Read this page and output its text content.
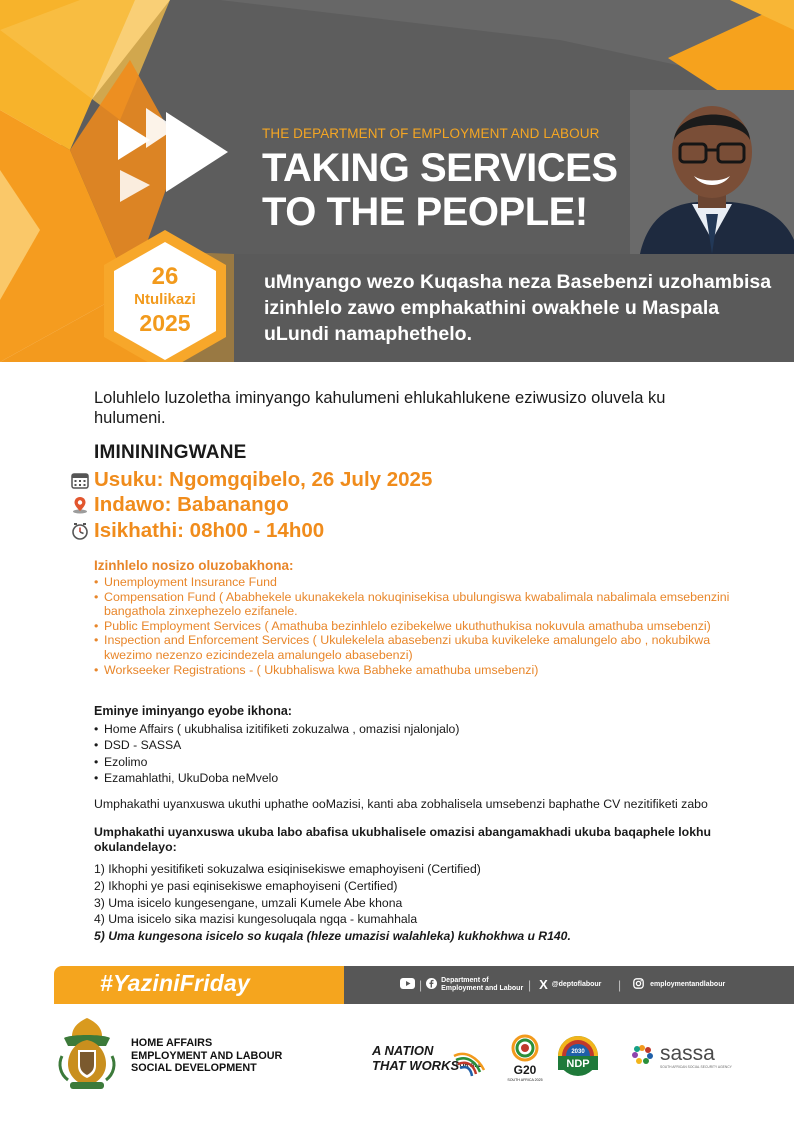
THE DEPARTMENT OF EMPLOYMENT AND LABOUR
TAKING SERVICES
TO THE PEOPLE!
26
Ntulikazi
2025
uMnyango wezo Kuqasha neza Basebenzi uzohambisa izinhlelo zawo emphakathini owakhele u Maspala uLundi namaphethelo.
Loluhlelo luzoletha iminyango kahulumeni ehlukahlukene eziwusizo oluvela ku hulumeni.
IMINININGWANE
Usuku: Ngomgqibelo, 26 July 2025
Indawo: Babanango
Isikhathi: 08h00 - 14h00
Izinhlelo nosizo oluzobakhona:
• Unemployment Insurance Fund
• Compensation Fund ( Ababhekele ukunakekela nokuqinisekisa ubulungiswa kwabalimala nabalimala emsebenzini bangathola zinxephezelo ezifanele.
• Public Employment Services ( Amathuba bezinhlelo ezibekelwe ukuthuthukisa nokuvula amathuba umsebenzi)
• Inspection and Enforcement Services ( Ukulekelela abasebenzi ukuba kuvikeleke amalungelo abo , nokubikwa kwezimo nezenzo ezicindezela amalungelo abasebenzi)
• Workseeker Registrations - ( Ukubhaliswa kwa Babheke amathuba umsebenzi)
Eminye iminyango eyobe ikhona:
• Home Affairs ( ukubhalisa izitifiketi zokuzalwa , omazisi njalonjalo)
• DSD - SASSA
• Ezolimo
• Ezamahlathi, UkuDoba neMvelo
Umphakathi uyanxuswa ukuthi uphathe ooMazisi, kanti aba zobhalisela umsebenzi baphathe CV nezitifiketi zabo
Umphakathi uyanxuswa ukuba labo abafisa ukubhalisele omazisi abangamakhadi ukuba baqaphele lokhu okulandelayo:
1) Ikhophi yesitifiketi sokuzalwa esiqinisekiswe emaphoyiseni (Certified)
2) Ikhophi ye pasi eqinisekiswe emaphoyiseni (Certified)
3) Uma isicelo kungesengane, umzali Kumele Abe khona
4) Uma isicelo sika mazisi kungesoluqala ngqa - kumahhala
5) Uma kungesona isicelo so kuqala (hleze umazisi walahleka) kukhokhwa u R140.
#YaziniFriday	|	Department of
Employment and Labour | X @deptoflabour |	employmentandlabour
HOME AFFAIRS
EMPLOYMENT AND LABOUR
SOCIAL DEVELOPMENT
A NATION
THAT WORKS
FOR ALL	G20
SOUTH AFRICA 2025
2030
NDP	sassa
SOUTH AFRICAN SOCIAL SECURITY AGENCY
